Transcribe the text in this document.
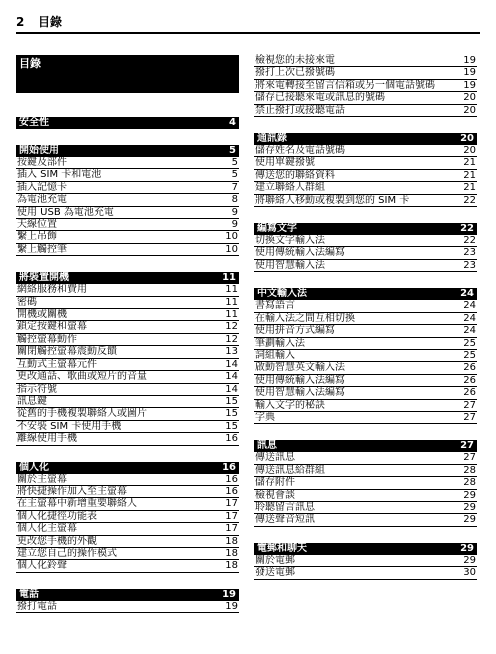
2 目錄
目錄
安全性	4
開始使用	5
按鍵及部件	5
插入 SIM 卡和電池	5
插入記憶卡	7
為電池充電	8
使用 USB 為電池充電	9
天線位置	9
繫上吊飾	10
繫上觸控筆	10
將裝置開機	11
網絡服務和費用	11
密碼	11
開機或關機	11
鎖定按鍵和螢幕	12
觸控螢幕動作	12
關閉觸控螢幕震動反饋	13
互動式主螢幕元件	14
更改通話、歌曲或短片的音量	14
指示符號	14
訊息鍵	15
從舊的手機複製聯絡人或圖片	15
不安裝 SIM 卡使用手機	15
離線使用手機	16
個人化	16
關於主螢幕	16
將快捷操作加入至主螢幕	16
在主螢幕中新增重要聯絡人	17
個人化捷徑功能表	17
個人化主螢幕	17
更改您手機的外觀	18
建立您自己的操作模式	18
個人化鈴聲	18
電話	19
撥打電話	19
檢視您的未接來電	19
撥打上次已撥號碼	19
將來電轉接至留言信箱或另一個電話號碼	19
儲存已接聽來電或訊息的號碼	20
禁止撥打或接聽電話	20
通訊錄	20
儲存姓名及電話號碼	20
使用單鍵撥號	21
傳送您的聯絡資料	21
建立聯絡人群組	21
將聯絡人移動或複製到您的 SIM 卡	22
編寫文字	22
切換文字輸入法	22
使用傳統輸入法編寫	23
使用智慧輸入法	23
中文輸入法	24
書寫語言	24
在輸入法之間互相切換	24
使用拼音方式編寫	24
筆劃輸入法	25
詞組輸入	25
啟動智慧英文輸入法	26
使用傳統輸入法編寫	26
使用智慧輸入法編寫	26
輸入文字的秘訣	27
字典	27
訊息	27
傳送訊息	27
傳送訊息給群組	28
儲存附件	28
檢視會談	29
聆聽留言訊息	29
傳送聲音短訊	29
電郵和聊天	29
關於電郵	29
發送電郵	30
